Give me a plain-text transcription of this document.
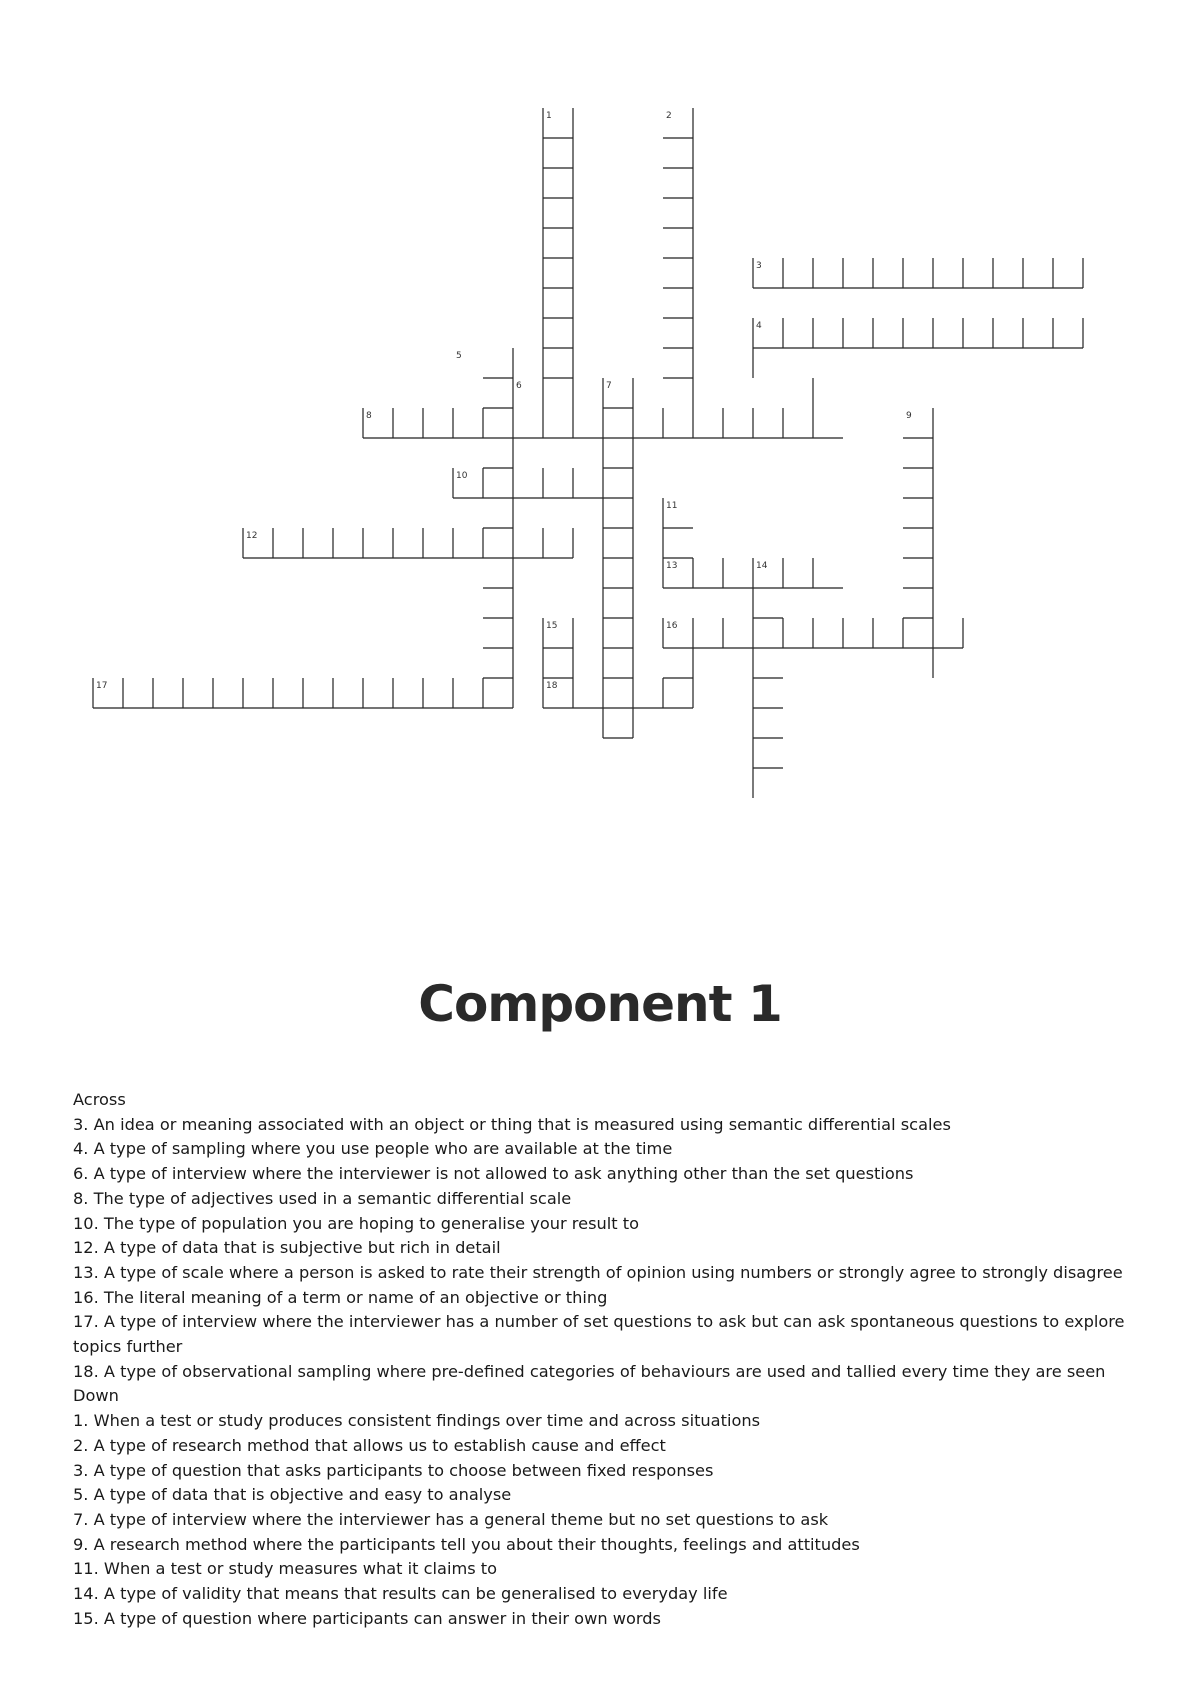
1	2
3
4
5
6	7
8	9
10
11
12
13	14
15	16
17	18
Component 1
Across
3. An idea or meaning associated with an object or thing that is measured using semantic differential scales
4. A type of sampling where you use people who are available at the time
6. A type of interview where the interviewer is not allowed to ask anything other than the set questions
8. The type of adjectives used in a semantic differential scale
10. The type of population you are hoping to generalise your result to
12. A type of data that is subjective but rich in detail
13. A type of scale where a person is asked to rate their strength of opinion using numbers or strongly agree to strongly disagree
16. The literal meaning of a term or name of an objective or thing
17. A type of interview where the interviewer has a number of set questions to ask but can ask spontaneous questions to explore topics further
18. A type of observational sampling where pre-defined categories of behaviours are used and tallied every time they are seen
Down
1. When a test or study produces consistent findings over time and across situations
2. A type of research method that allows us to establish cause and effect
3. A type of question that asks participants to choose between fixed responses
5. A type of data that is objective and easy to analyse
7. A type of interview where the interviewer has a general theme but no set questions to ask
9. A research method where the participants tell you about their thoughts, feelings and attitudes
11. When a test or study measures what it claims to
14. A type of validity that means that results can be generalised to everyday life
15. A type of question where participants can answer in their own words
